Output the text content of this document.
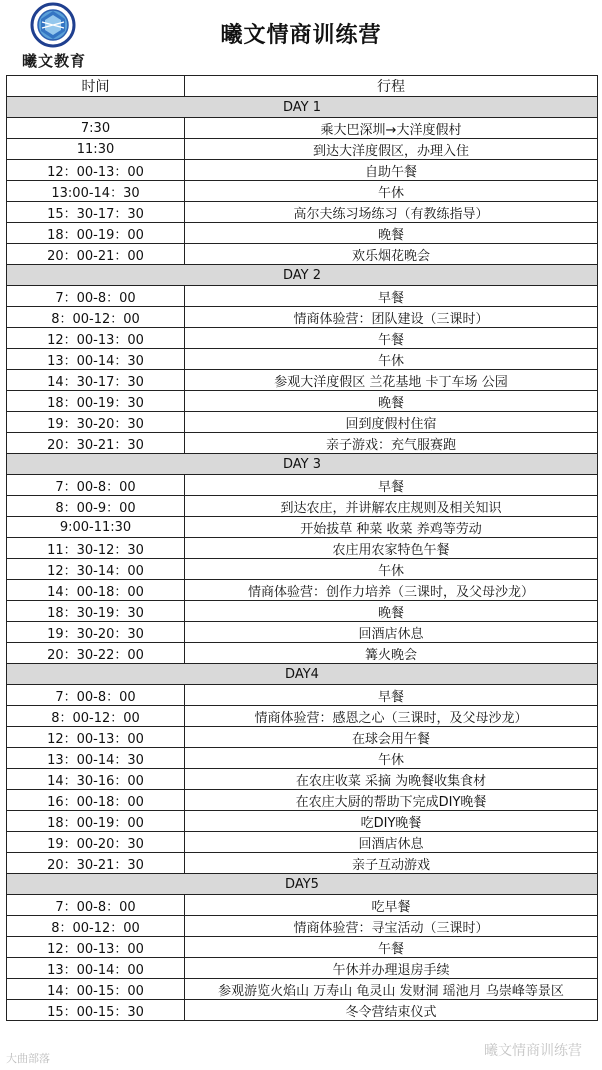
曦文教育
曦文情商训练营
时间	行程
DAY 1	
7:30	乘大巴深圳→大洋度假村
11:30	到达大洋度假区，办理入住
12：00-13：00	自助午餐
13:00-14：30	午休
15：30-17：30	高尔夫练习场练习（有教练指导）
18：00-19：00	晚餐
20：00-21：00	欢乐烟花晚会
DAY 2	
7：00-8：00	早餐
8：00-12：00	情商体验营：团队建设（三课时）
12：00-13：00	午餐
13：00-14：30	午休
14：30-17：30	参观大洋度假区 兰花基地 卡丁车场 公园
18：00-19：30	晚餐
19：30-20：30	回到度假村住宿
20：30-21：30	亲子游戏：充气服赛跑
DAY 3	
7：00-8：00	早餐
8：00-9：00	到达农庄，并讲解农庄规则及相关知识
9:00-11:30	开始拔草 种菜 收菜 养鸡等劳动
11：30-12：30	农庄用农家特色午餐
12：30-14：00	午休
14：00-18：00	情商体验营：创作力培养（三课时，及父母沙龙）
18：30-19：30	晚餐
19：30-20：30	回酒店休息
20：30-22：00	篝火晚会
DAY4	
7：00-8：00	早餐
8：00-12：00	情商体验营：感恩之心（三课时，及父母沙龙）
12：00-13：00	在球会用午餐
13：00-14：30	午休
14：30-16：00	在农庄收菜 采摘 为晚餐收集食材
16：00-18：00	在农庄大厨的帮助下完成DIY晚餐
18：00-19：00	吃DIY晚餐
19：00-20：30	回酒店休息
20：30-21：30	亲子互动游戏
DAY5	
7：00-8：00	吃早餐
8：00-12：00	情商体验营：寻宝活动（三课时）
12：00-13：00	午餐
13：00-14：00	午休并办理退房手续
14：00-15：00	参观游览火焰山 万寿山 龟灵山 发财洞 瑶池月 乌崇峰等景区
15：00-15：30	冬令营结束仪式
大曲部落	曦文情商训练营
